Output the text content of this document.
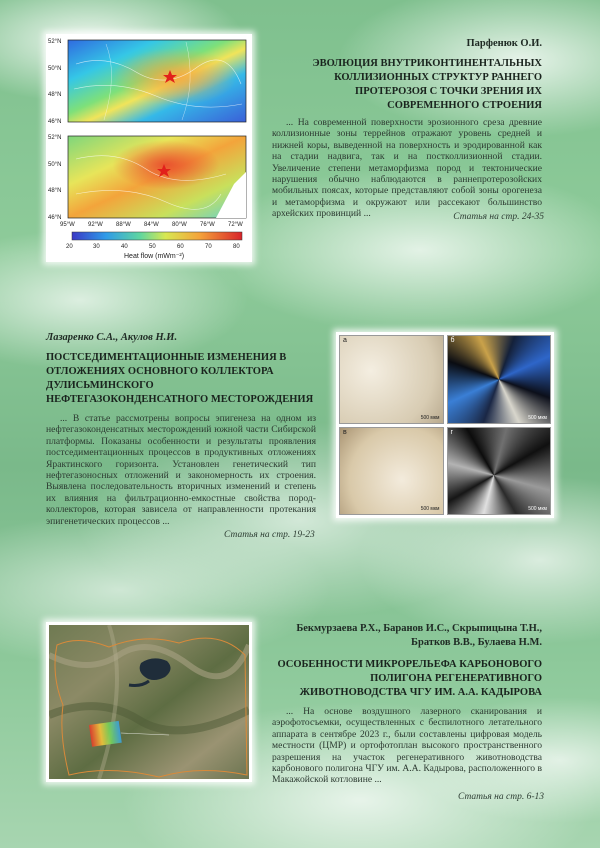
52°N
50°N
48°N
46°N
52°N
50°N
48°N
46°N
95°W 92°W 88°W 84°W 80°W 76°W 72°W
20	30	40	50	60	70	80
Heat flow (mWm⁻²)
Парфенюк О.И.
ЭВОЛЮЦИЯ ВНУТРИКОНТИНЕНТАЛЬНЫХ КОЛЛИЗИОННЫХ СТРУКТУР РАННЕГО ПРОТЕРОЗОЯ С ТОЧКИ ЗРЕНИЯ ИХ СОВРЕМЕННОГО СТРОЕНИЯ
... На современной поверхности эрозионного среза древние коллизионные зоны террейнов отражают уровень средней и нижней коры, выведенной на поверхность и эродированной как на стадии надвига, так и на постколлизионной стадии. Увеличение степени метаморфизма пород и тектонические нарушения обычно наблюдаются в раннепротерозойских мобильных поясах, которые представляют собой зоны орогенеза и метаморфизма и окружают или рассекают большинство архейских провинций ...	Статья на стр. 24-35
Лазаренко С.А., Акулов Н.И.
ПОСТСЕДИМЕНТАЦИОННЫЕ ИЗМЕНЕНИЯ В ОТЛОЖЕНИЯХ ОСНОВНОГО КОЛЛЕКТОРА ДУЛИСЬМИНСКОГО НЕФТЕГАЗОКОНДЕНСАТНОГО МЕСТОРОЖДЕНИЯ
... В статье рассмотрены вопросы эпигенеза на одном из нефтегазоконденсатных месторождений южной части Сибирской платформы. Показаны особенности и результаты проявления постседиментационных процессов в продуктивных отложениях Ярактинского горизонта. Установлен генетический тип нефтегазоносных отложений и закономерность их строения. Выявлена последовательность вторичных изменений и степень их влияния на фильтрационно-емкостные свойства пород-коллекторов, которая зависела от направленности протекания эпигенетических процессов ...
Статья на стр. 19-23
a
500 мкм
б
500 мкм
в
500 мкм
г
500 мкм
Бекмурзаева Р.Х., Баранов И.С., Скрыпицына Т.Н., Братков В.В., Булаева Н.М.
ОСОБЕННОСТИ МИКРОРЕЛЬЕФА КАРБОНОВОГО ПОЛИГОНА РЕГЕНЕРАТИВНОГО ЖИВОТНОВОДСТВА ЧГУ ИМ. А.А. КАДЫРОВА
... На основе воздушного лазерного сканирования и аэрофотосъемки, осуществленных с беспилотного летательного аппарата в сентябре 2023 г., были составлены цифровая модель местности (ЦМР) и ортофотоплан высокого пространственного разрешения на участок регенеративного животноводства карбонового полигона ЧГУ им. А.А. Кадырова, расположенного в Макажойской котловине ...
Статья на стр. 6-13
